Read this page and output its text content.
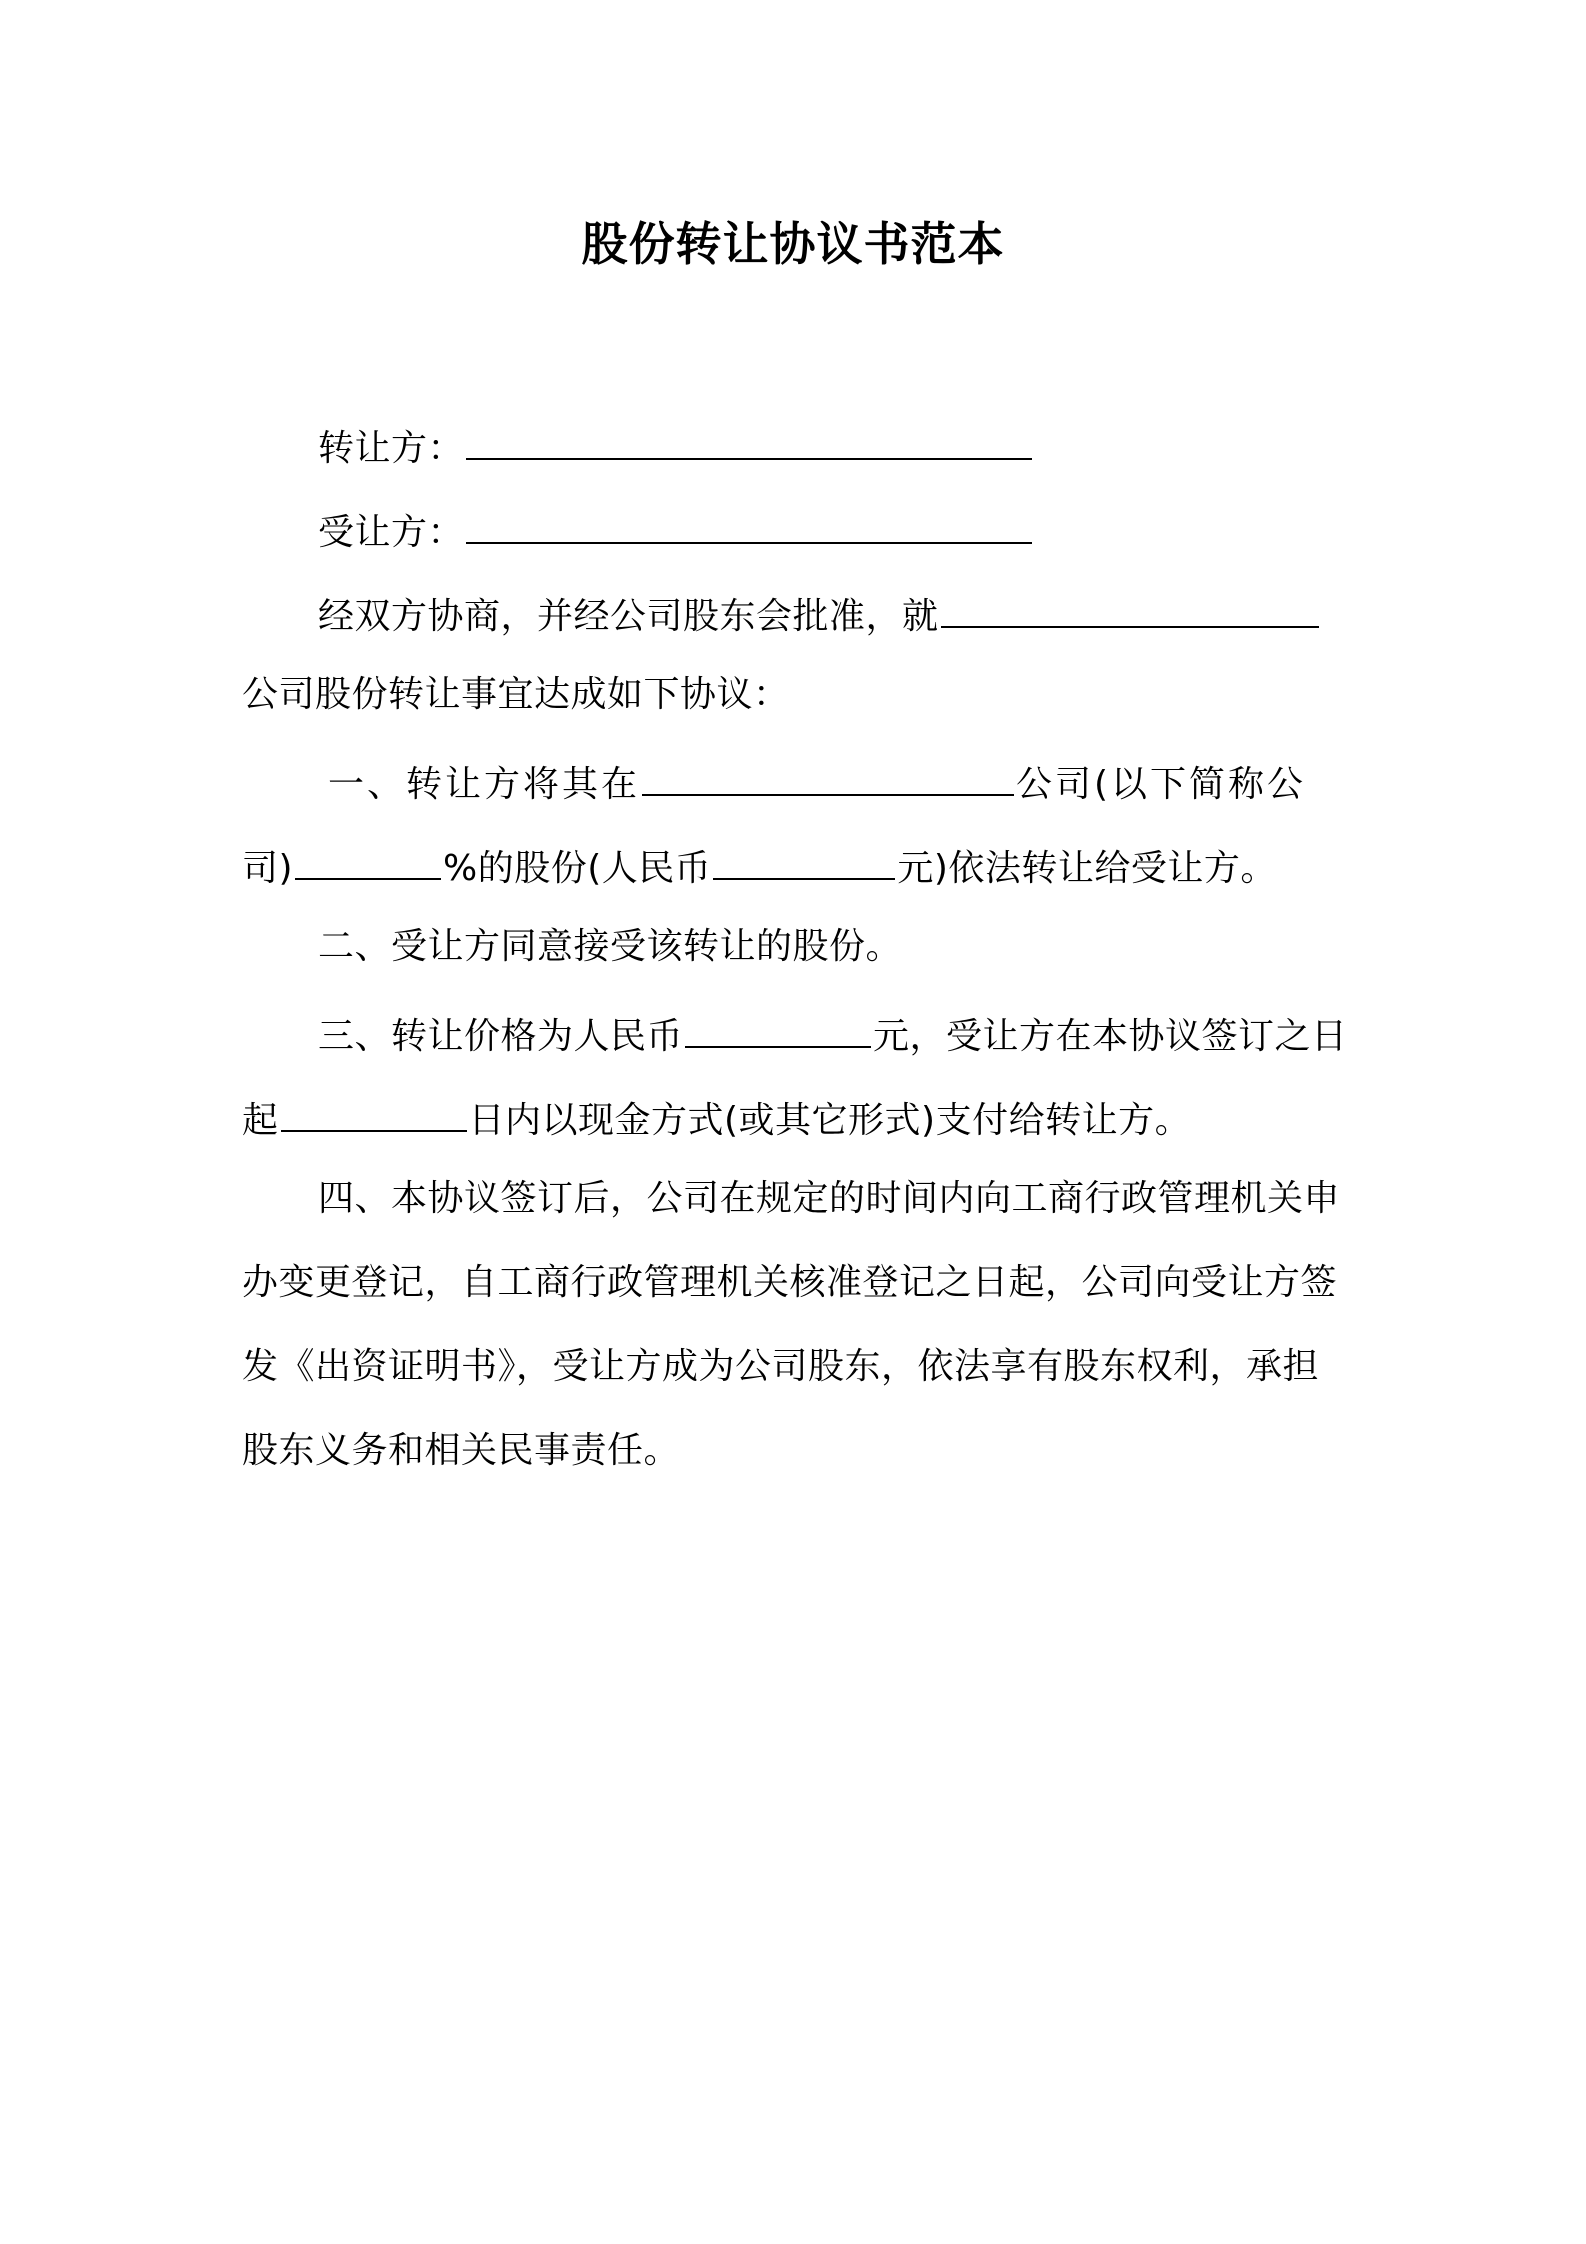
股份转让协议书范本
转让方：
受让方：
经双方协商，并经公司股东会批准，就
公司股份转让事宜达成如下协议：
一、转让方将其在	公司(以下简称公
司)	%的股份(人民币	元)依法转让给受让方。
二、受让方同意接受该转让的股份。
三、转让价格为人民币	元，受让方在本协议签订之日
起	日内以现金方式(或其它形式)支付给转让方。
四、本协议签订后，公司在规定的时间内向工商行政管理机关申
办变更登记，自工商行政管理机关核准登记之日起，公司向受让方签
发《出资证明书》，受让方成为公司股东，依法享有股东权利，承担
股东义务和相关民事责任。
